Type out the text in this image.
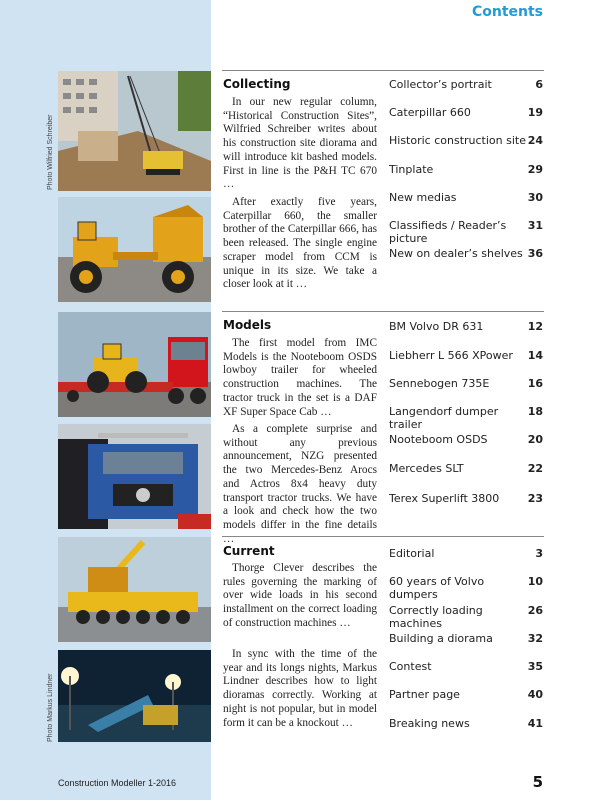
Contents
Photo Wilfried Schreiber
Photo Markus Lindner
Collecting

In our new regular column, “Historical Construction Sites”, Wilfried Schreiber writes about his construction site diorama and will introduce kit bashed models. First in line is the P&H TC 670 …

After exactly five years, Caterpillar 660, the smaller brother of the Caterpillar 666, has been released. The single engine scraper model from CCM is unique in its size. We take a closer look at it …

Collector’s portrait	6
Caterpillar 660	19
Historic construction site 24
Tinplate	29
New medias	30
Classifieds / Reader’s picture
31
New on dealer’s shelves 36
Models

The first model from IMC Models is the Nooteboom OSDS lowboy trailer for wheeled construction machines. The tractor truck in the set is a DAF XF Super Space Cab …

As a complete surprise and without any previous announcement, NZG presented the two Mercedes-Benz Arocs and Actros 8x4 heavy duty transport tractor trucks. We have a look and check how the two models differ in the fine details …

BM Volvo DR 631	12
Liebherr L 566 XPower 14
Sennebogen 735E	16
Langendorf dumper trailer
18
Nooteboom OSDS	20
Mercedes SLT	22
Terex Superlift 3800	23
Current

Thorge Clever describes the rules governing the marking of over wide loads in his second installment on the correct loading of construction machines …

In sync with the time of the year and its longs nights, Markus Lindner describes how to light dioramas correctly. Working at night is not popular, but in model form it can be a knockout …

Editorial	3
60 years of Volvo dumpers
10
Correctly loading machines
26
Building a diorama	32
Contest	35
Partner page	40
Breaking news	41
Construction Modeller 1-2016	5
